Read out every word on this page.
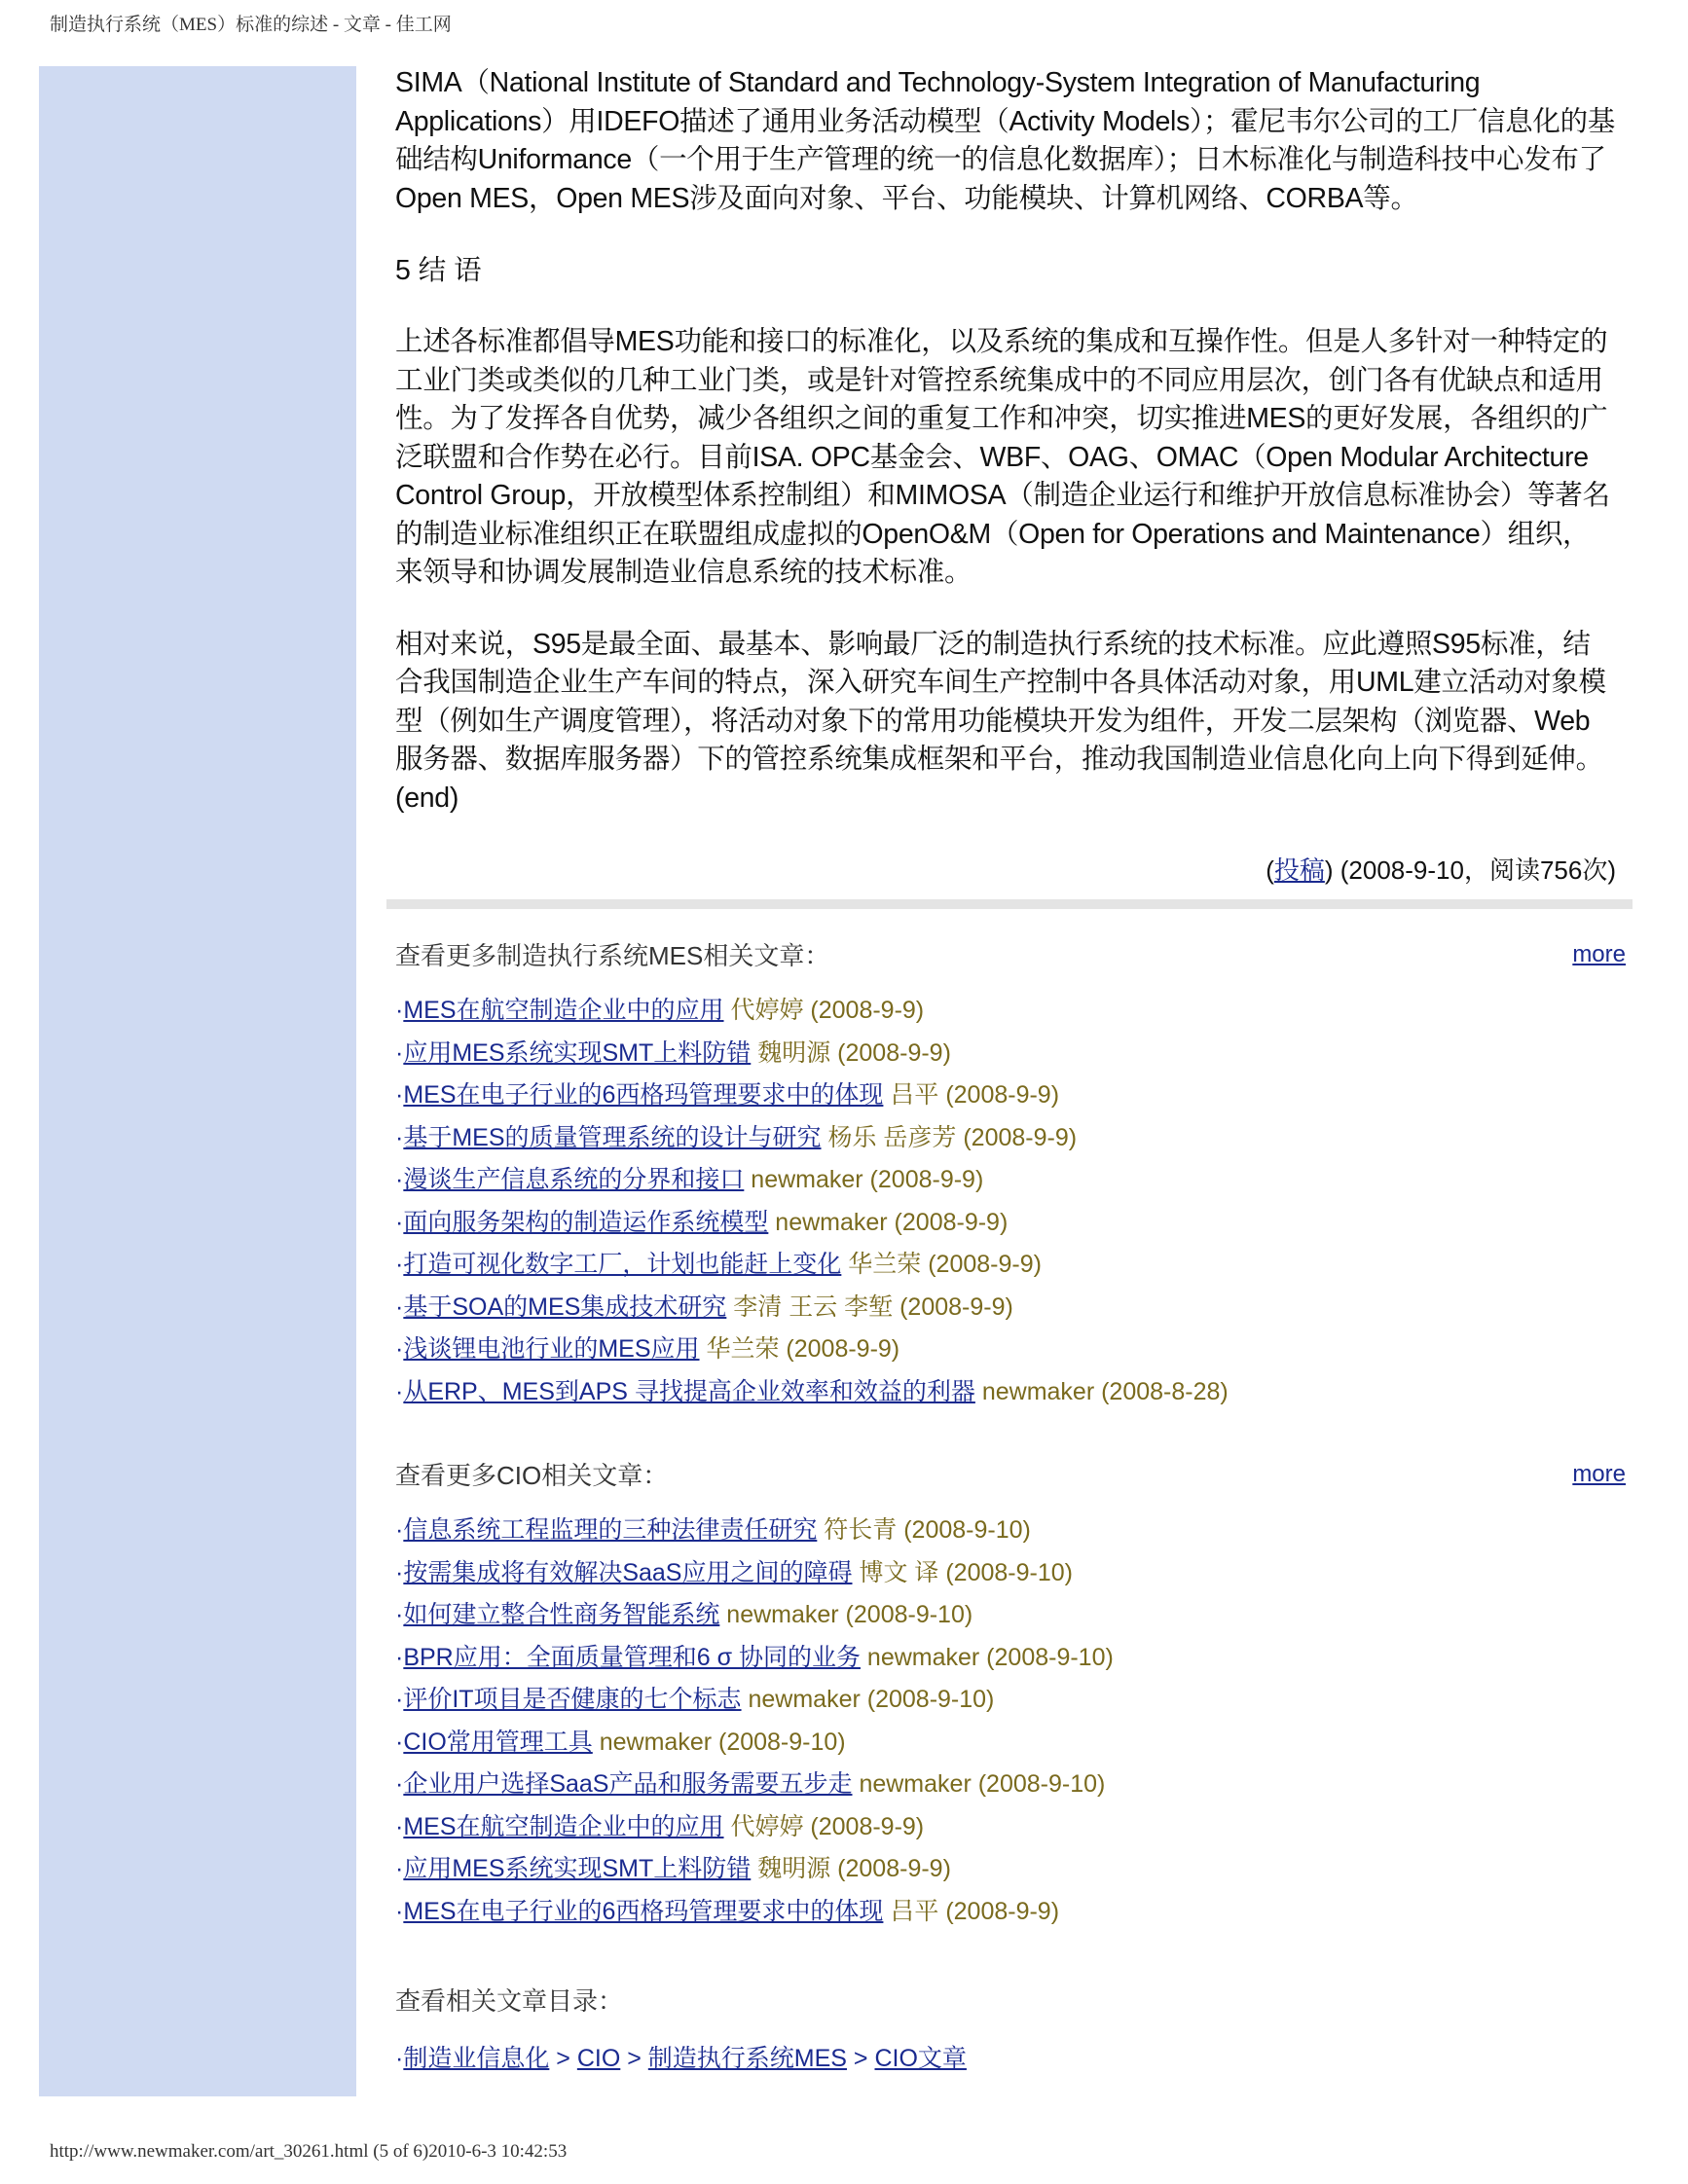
制造执行系统（MES）标准的综述 - 文章 - 佳工网

SIMA（National Institute of Standard and Technology-System Integration of Manufacturing Applications）用IDEFO描述了通用业务活动模型（Activity Models）；霍尼韦尔公司的工厂信息化的基础结构Uniformance（一个用于生产管理的统一的信息化数据库）；日木标准化与制造科技中心发布了Open MES，Open MES涉及面向对象、平台、功能模块、计算机网络、CORBA等。

5 结 语

上述各标准都倡导MES功能和接口的标准化，以及系统的集成和互操作性。但是人多针对一种特定的工业门类或类似的几种工业门类，或是针对管控系统集成中的不同应用层次，创门各有优缺点和适用性。为了发挥各自优势，减少各组织之间的重复工作和冲突，切实推进MES的更好发展，各组织的广泛联盟和合作势在必行。目前ISA. OPC基金会、WBF、OAG、OMAC（Open Modular Architecture Control Group，开放模型体系控制组）和MIMOSA（制造企业运行和维护开放信息标准协会）等著名的制造业标准组织正在联盟组成虚拟的OpenO&M（Open for Operations and Maintenance）组织，来领导和协调发展制造业信息系统的技术标准。

相对来说，S95是最全面、最基本、影响最厂泛的制造执行系统的技术标准。应此遵照S95标准，结合我国制造企业生产车间的特点，深入研究车间生产控制中各具体活动对象，用UML建立活动对象模型（例如生产调度管理），将活动对象下的常用功能模块开发为组件，开发二层架构（浏览器、Web服务器、数据库服务器）下的管控系统集成框架和平台，推动我国制造业信息化向上向下得到延伸。(end)

(投稿) (2008-9-10，阅读756次)
查看更多制造执行系统MES相关文章：	more
·MES在航空制造企业中的应用 代婷婷 (2008-9-9)
·应用MES系统实现SMT上料防错 魏明源 (2008-9-9)
·MES在电子行业的6西格玛管理要求中的体现 吕平 (2008-9-9)
·基于MES的质量管理系统的设计与研究 杨乐 岳彦芳 (2008-9-9)
·漫谈生产信息系统的分界和接口 newmaker (2008-9-9)
·面向服务架构的制造运作系统模型 newmaker (2008-9-9)
·打造可视化数字工厂，计划也能赶上变化 华兰荣 (2008-9-9)
·基于SOA的MES集成技术研究 李清 王云 李堑 (2008-9-9)
·浅谈锂电池行业的MES应用 华兰荣 (2008-9-9)
·从ERP、MES到APS 寻找提高企业效率和效益的利器 newmaker (2008-8-28)
查看更多CIO相关文章：	more
·信息系统工程监理的三种法律责任研究 符长青 (2008-9-10)
·按需集成将有效解决SaaS应用之间的障碍 博文 译 (2008-9-10)
·如何建立整合性商务智能系统 newmaker (2008-9-10)
·BPR应用：全面质量管理和6 σ 协同的业务 newmaker (2008-9-10)
·评价IT项目是否健康的七个标志 newmaker (2008-9-10)
·CIO常用管理工具 newmaker (2008-9-10)
·企业用户选择SaaS产品和服务需要五步走 newmaker (2008-9-10)
·MES在航空制造企业中的应用 代婷婷 (2008-9-9)
·应用MES系统实现SMT上料防错 魏明源 (2008-9-9)
·MES在电子行业的6西格玛管理要求中的体现 吕平 (2008-9-9)
查看相关文章目录：
·制造业信息化 > CIO > 制造执行系统MES > CIO文章
http://www.newmaker.com/art_30261.html (5 of 6)2010-6-3 10:42:53
